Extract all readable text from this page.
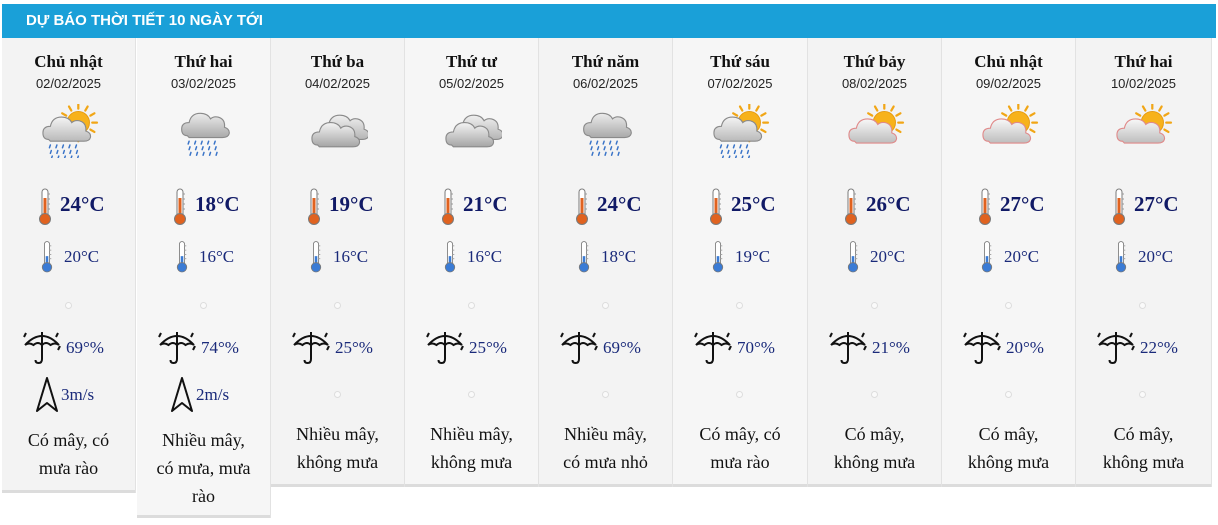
DỰ BÁO THỜI TIẾT 10 NGÀY TỚI
Chủ nhật
02/02/2025
24°C
20°C
69°%
3m/s
Có mây, có
mưa rào
Thứ hai
03/02/2025
18°C
16°C
74°%
2m/s
Nhiều mây,
có mưa, mưa
rào
Thứ ba
04/02/2025
19°C
16°C
25°%
Nhiều mây,
không mưa
Thứ tư
05/02/2025
21°C
16°C
25°%
Nhiều mây,
không mưa
Thứ năm
06/02/2025
24°C
18°C
69°%
Nhiều mây,
có mưa nhỏ
Thứ sáu
07/02/2025
25°C
19°C
70°%
Có mây, có
mưa rào
Thứ bảy
08/02/2025
26°C
20°C
21°%
Có mây,
không mưa
Chủ nhật
09/02/2025
27°C
20°C
20°%
Có mây,
không mưa
Thứ hai
10/02/2025
27°C
20°C
22°%
Có mây,
không mưa
